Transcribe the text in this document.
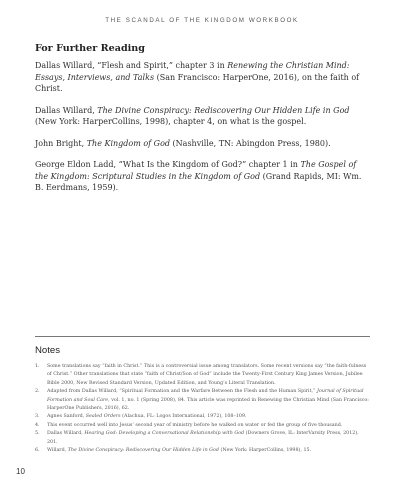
THE SCANDAL OF THE KINGDOM WORKBOOK
For Further Reading

Dallas Willard, “Flesh and Spirit,” chapter 3 in Renewing the Christian Mind: Essays, Interviews, and Talks (San Francisco: HarperOne, 2016), on the faith of Christ.

Dallas Willard, The Divine Conspiracy: Rediscovering Our Hidden Life in God (New York: HarperCollins, 1998), chapter 4, on what is the gospel.

John Bright, The Kingdom of God (Nashville, TN: Abingdon Press, 1980).

George Eldon Ladd, “What Is the Kingdom of God?” chapter 1 in The Gospel of the Kingdom: Scriptural Studies in the Kingdom of God (Grand Rapids, MI: Wm. B. Eerdmans, 1959).

Notes
1.	Some translations say “faith in Christ.” This is a controversial issue among translators. Some recent versions say “the faith-fulness of Christ.” Other translations that state “faith of Christ/Son of God” include the Twenty-First Century King James Version, Jubilee Bible 2000, New Revised Standard Version, Updated Edition, and Young’s Literal Translation.
2.	Adapted from Dallas Willard, “Spiritual Formation and the Warfare Between the Flesh and the Human Spirit,” Journal of Spiritual Formation and Soul Care, vol. 1, no. 1 (Spring 2008), 84. This article was reprinted in Renewing the Christian Mind (San Francisco: HarperOne Publishers, 2016), 62.
3.	Agnes Sanford, Sealed Orders (Alachua, FL: Logos International, 1972), 108–109.
4.	This event occurred well into Jesus’ second year of ministry before he walked on water or fed the group of five thousand.
5.	Dallas Willard, Hearing God: Developing a Conversational Relationship with God (Downers Grove, IL: InterVarsity Press, 2012), 201.
6.	Willard, The Divine Conspiracy: Rediscovering Our Hidden Life in God (New York: HarperCollins, 1998), 15.
10
